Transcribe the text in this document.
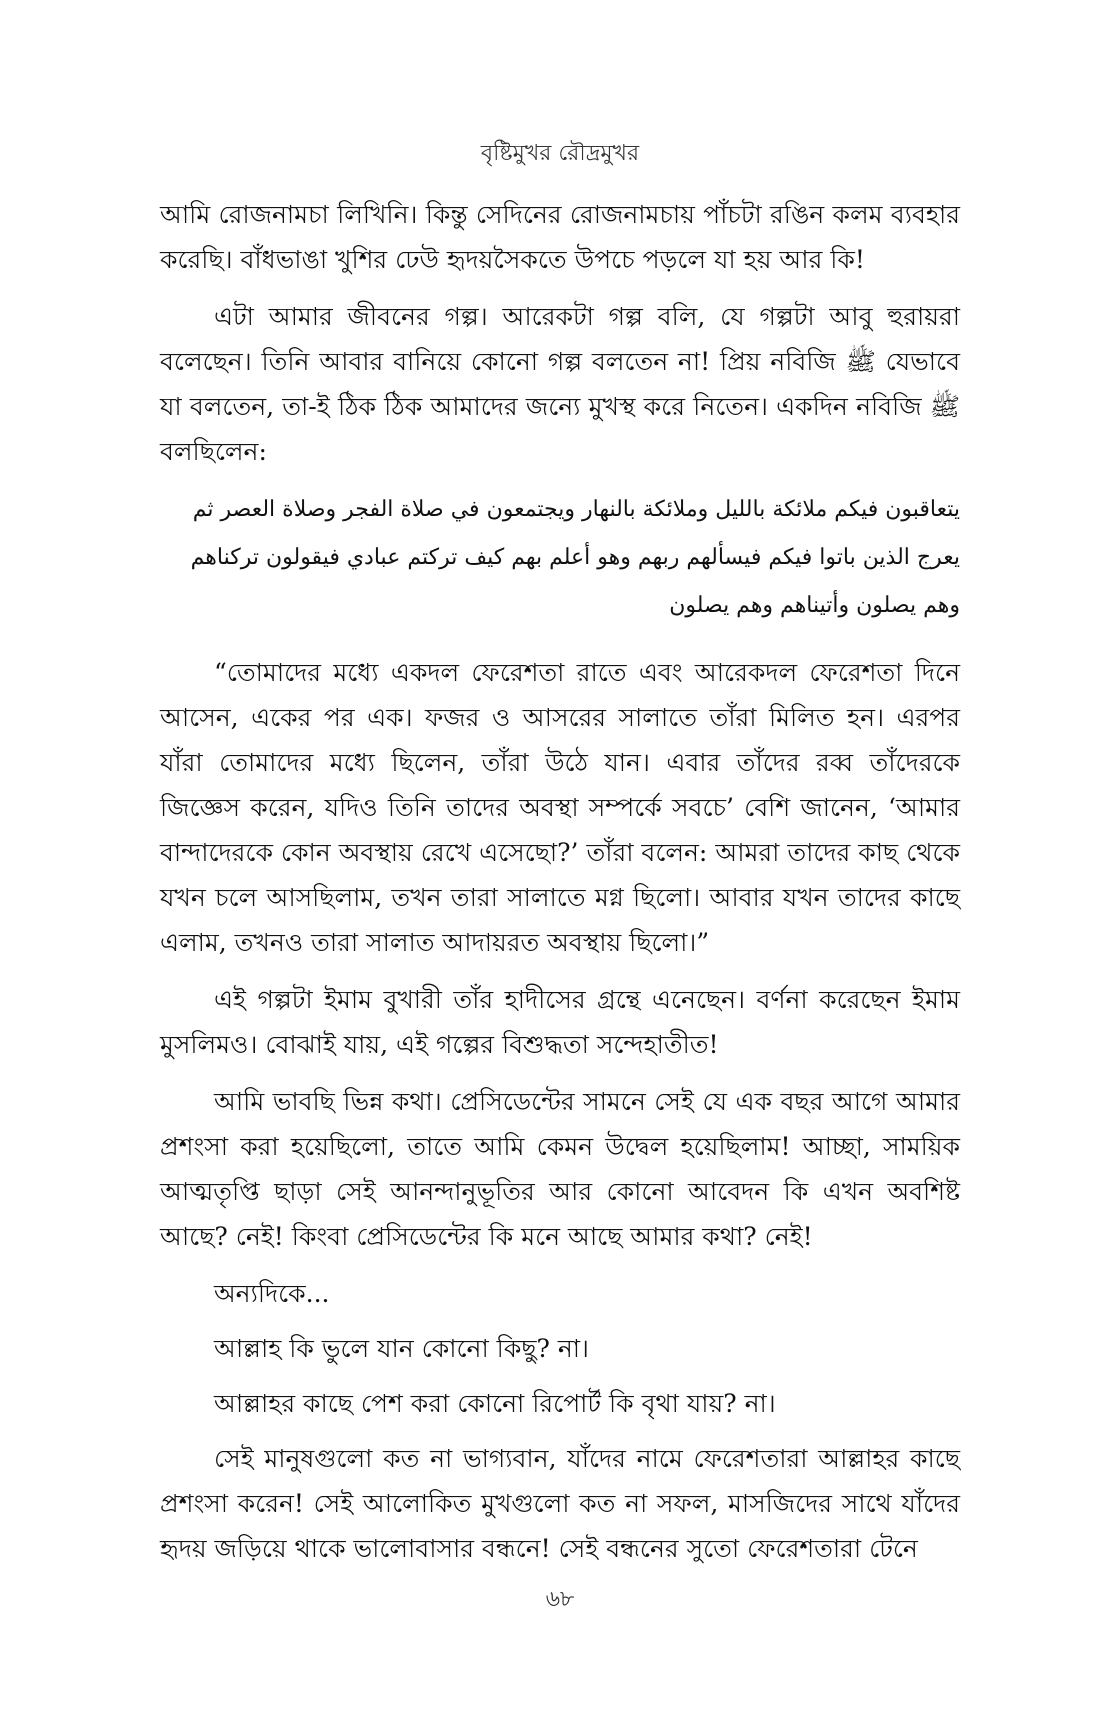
বৃষ্টিমুখর রৌদ্রমুখর

আমি রোজনামচা লিখিনি। কিন্তু সেদিনের রোজনামচায় পাঁচটা রঙিন কলম ব্যবহার করেছি। বাঁধভাঙা খুশির ঢেউ হৃদয়সৈকতে উপচে পড়লে যা হয় আর কি!

এটা আমার জীবনের গল্প। আরেকটা গল্প বলি, যে গল্পটা আবু হুরায়রা বলেছেন। তিনি আবার বানিয়ে কোনো গল্প বলতেন না! প্রিয় নবিজি ﷺ যেভাবে যা বলতেন, তা-ই ঠিক ঠিক আমাদের জন্যে মুখস্থ করে নিতেন। একদিন নবিজি ﷺ বলছিলেন:

يتعاقبون فيكم ملائكة بالليل وملائكة بالنهار ويجتمعون في صلاة الفجر وصلاة العصر ثم يعرج الذين باتوا فيكم فيسألهم ربهم وهو أعلم بهم كيف تركتم عبادي فيقولون تركناهم وهم يصلون وأتيناهم وهم يصلون

“তোমাদের মধ্যে একদল ফেরেশতা রাতে এবং আরেকদল ফেরেশতা দিনে আসেন, একের পর এক। ফজর ও আসরের সালাতে তাঁরা মিলিত হন। এরপর যাঁরা তোমাদের মধ্যে ছিলেন, তাঁরা উঠে যান। এবার তাঁদের রব্ব তাঁদেরকে জিজ্ঞেস করেন, যদিও তিনি তাদের অবস্থা সম্পর্কে সবচে’ বেশি জানেন, ‘আমার বান্দাদেরকে কোন অবস্থায় রেখে এসেছো?’ তাঁরা বলেন: আমরা তাদের কাছ থেকে যখন চলে আসছিলাম, তখন তারা সালাতে মগ্ন ছিলো। আবার যখন তাদের কাছে এলাম, তখনও তারা সালাত আদায়রত অবস্থায় ছিলো।”

এই গল্পটা ইমাম বুখারী তাঁর হাদীসের গ্রন্থে এনেছেন। বর্ণনা করেছেন ইমাম মুসলিমও। বোঝাই যায়, এই গল্পের বিশুদ্ধতা সন্দেহাতীত!

আমি ভাবছি ভিন্ন কথা। প্রেসিডেন্টের সামনে সেই যে এক বছর আগে আমার প্রশংসা করা হয়েছিলো, তাতে আমি কেমন উদ্বেল হয়েছিলাম! আচ্ছা, সাময়িক আত্মতৃপ্তি ছাড়া সেই আনন্দানুভূতির আর কোনো আবেদন কি এখন অবশিষ্ট আছে? নেই! কিংবা প্রেসিডেন্টের কি মনে আছে আমার কথা? নেই!

অন্যদিকে...

আল্লাহ কি ভুলে যান কোনো কিছু? না।

আল্লাহর কাছে পেশ করা কোনো রিপোর্ট কি বৃথা যায়? না।

সেই মানুষগুলো কত না ভাগ্যবান, যাঁদের নামে ফেরেশতারা আল্লাহর কাছে প্রশংসা করেন! সেই আলোকিত মুখগুলো কত না সফল, মাসজিদের সাথে যাঁদের হৃদয় জড়িয়ে থাকে ভালোবাসার বন্ধনে! সেই বন্ধনের সুতো ফেরেশতারা টেনে

৬৮
